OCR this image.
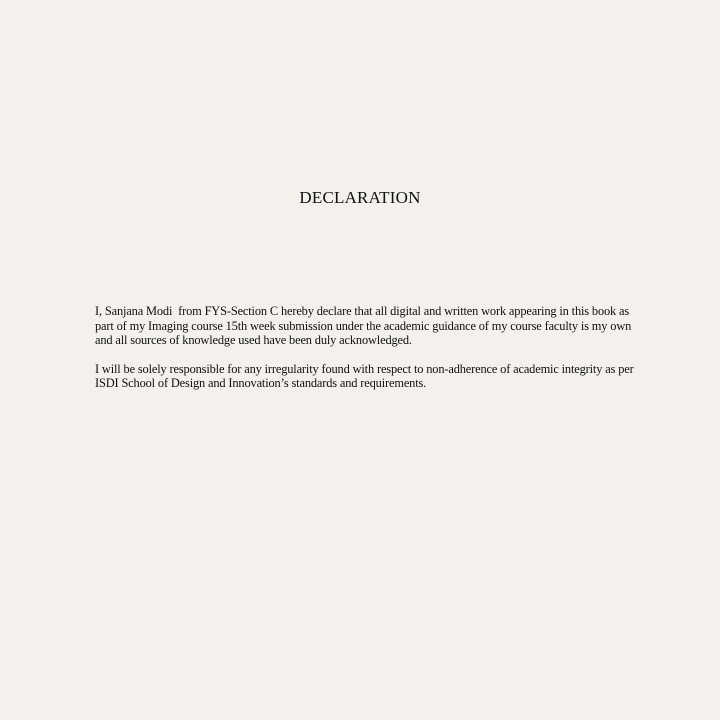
DECLARATION

I, Sanjana Modi  from FYS-Section C hereby declare that all digital and written work appearing in this book as
part of my Imaging course 15th week submission under the academic guidance of my course faculty is my own
and all sources of knowledge used have been duly acknowledged.

I will be solely responsible for any irregularity found with respect to non-adherence of academic integrity as per
ISDI School of Design and Innovation’s standards and requirements.
